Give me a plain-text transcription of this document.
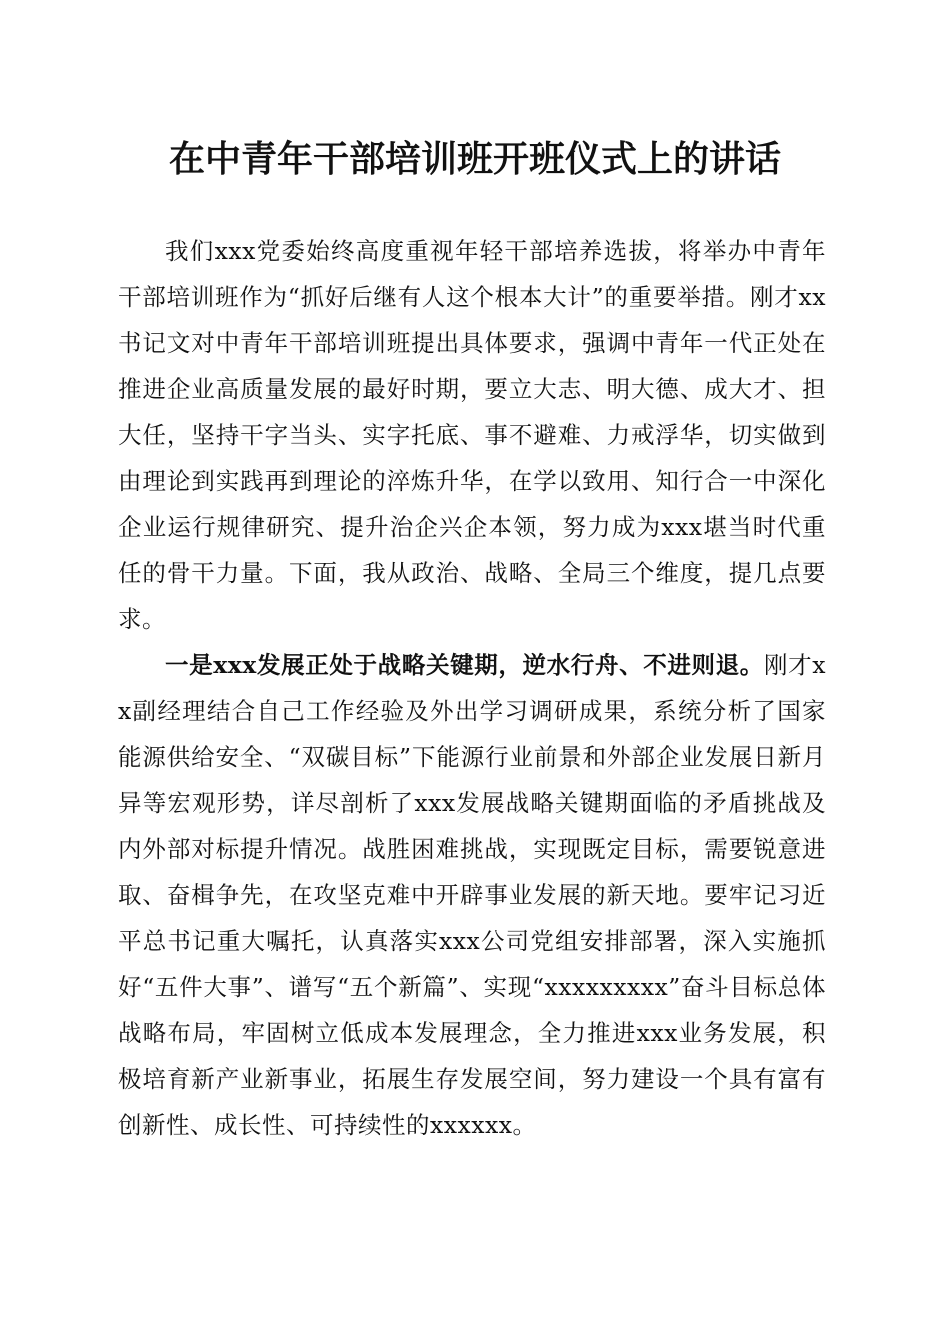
在中青年干部培训班开班仪式上的讲话

我们xxx党委始终高度重视年轻干部培养选拔，将举办中青年干部培训班作为“抓好后继有人这个根本大计”的重要举措。刚才xx书记文对中青年干部培训班提出具体要求，强调中青年一代正处在推进企业高质量发展的最好时期，要立大志、明大德、成大才、担大任，坚持干字当头、实字托底、事不避难、力戒浮华，切实做到由理论到实践再到理论的淬炼升华，在学以致用、知行合一中深化企业运行规律研究、提升治企兴企本领，努力成为xxx堪当时代重任的骨干力量。下面，我从政治、战略、全局三个维度，提几点要求。

一是xxx发展正处于战略关键期，逆水行舟、不进则退。刚才xx副经理结合自己工作经验及外出学习调研成果，系统分析了国家能源供给安全、“双碳目标”下能源行业前景和外部企业发展日新月异等宏观形势，详尽剖析了xxx发展战略关键期面临的矛盾挑战及内外部对标提升情况。战胜困难挑战，实现既定目标，需要锐意进取、奋楫争先，在攻坚克难中开辟事业发展的新天地。要牢记习近平总书记重大嘱托，认真落实xxx公司党组安排部署，深入实施抓好“五件大事”、谱写“五个新篇”、实现“xxxxxxxxx”奋斗目标总体战略布局，牢固树立低成本发展理念，全力推进xxx业务发展，积极培育新产业新事业，拓展生存发展空间，努力建设一个具有富有创新性、成长性、可持续性的xxxxxx。
